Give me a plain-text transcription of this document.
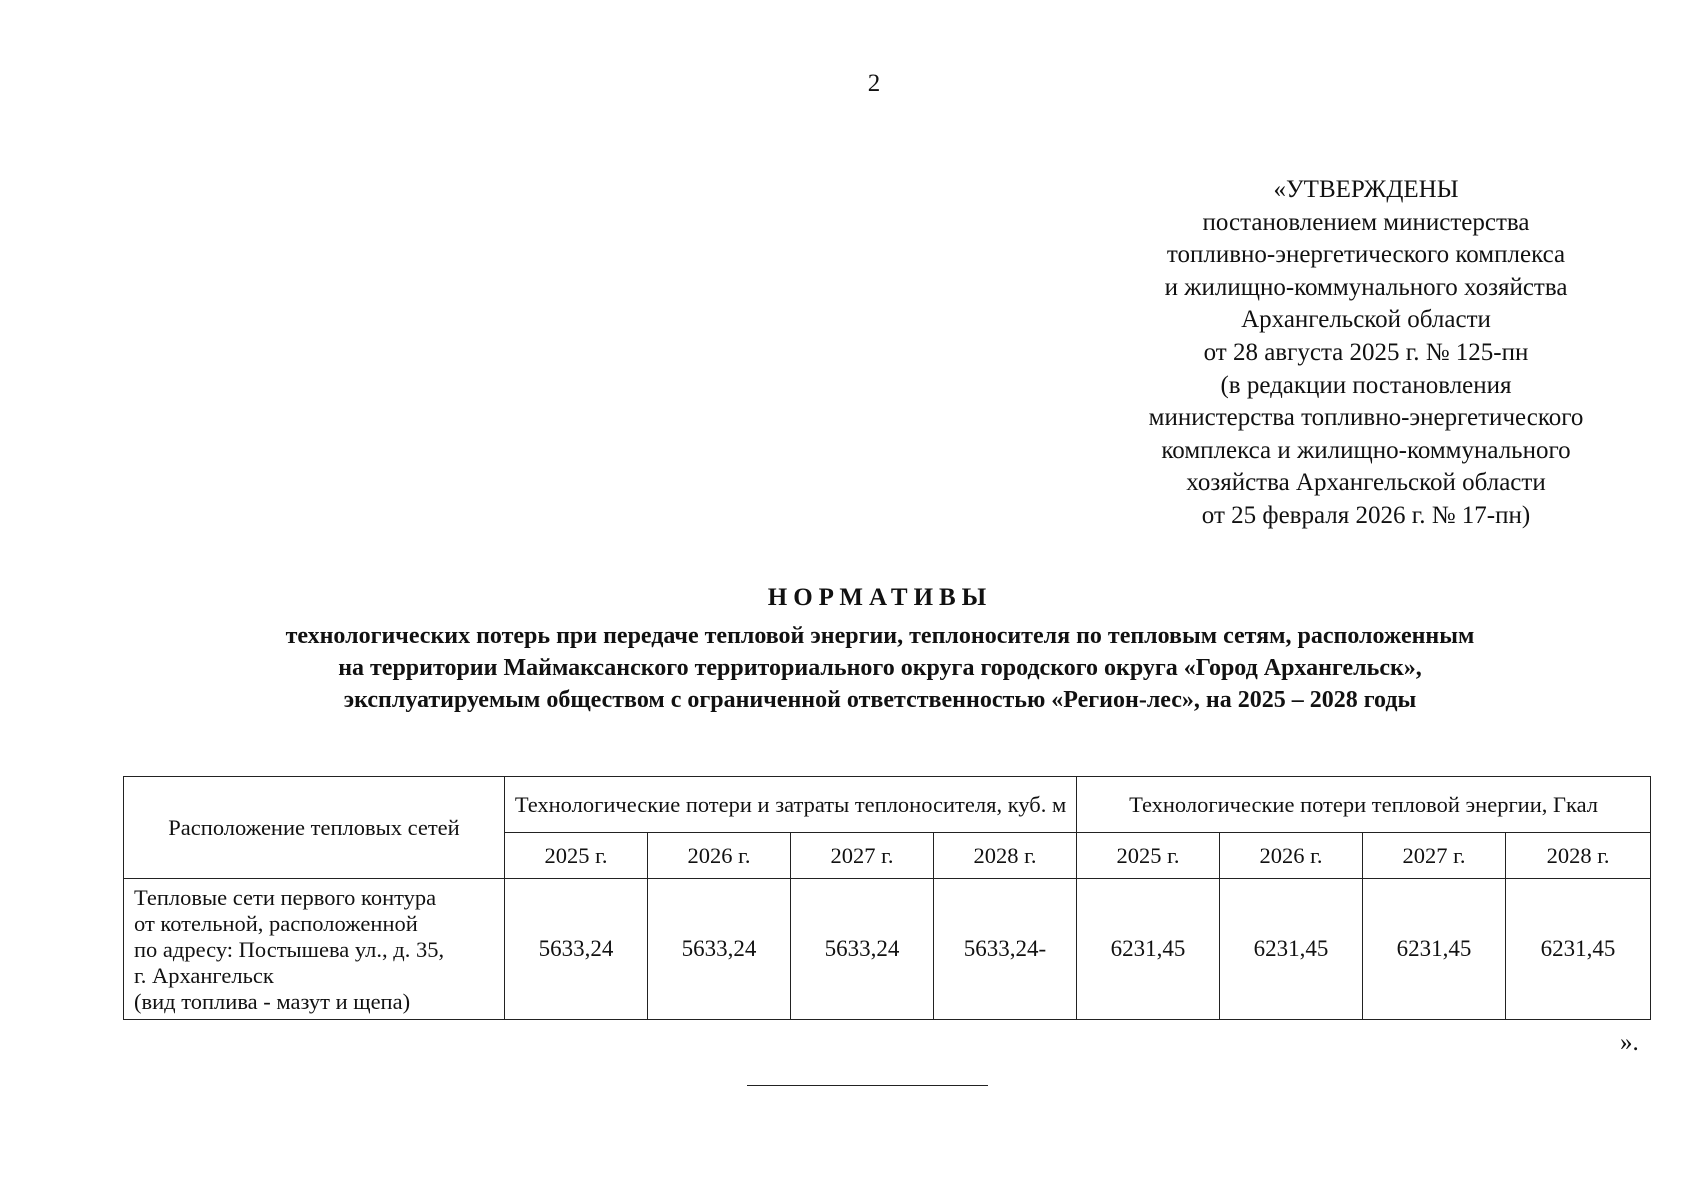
2
«УТВЕРЖДЕНЫ
постановлением министерства
топливно-энергетического комплекса
и жилищно-коммунального хозяйства
Архангельской области
от 28 августа 2025 г. № 125-пн
(в редакции постановления
министерства топливно-энергетического
комплекса и жилищно-коммунального
хозяйства Архангельской области
от 25 февраля 2026 г. № 17-пн)
НОРМАТИВЫ
технологических потерь при передаче тепловой энергии, теплоносителя по тепловым сетям, расположенным
на территории Маймаксанского территориального округа городского округа «Город Архангельск»,
эксплуатируемым обществом с ограниченной ответственностью «Регион-лес», на 2025 – 2028 годы
Расположение тепловых сетей	Технологические потери и затраты теплоносителя, куб. м				Технологические потери тепловой энергии, Гкал			
	2025 г.	2026 г.	2027 г.	2028 г.	2025 г.	2026 г.	2027 г.	2028 г.

Тепловые сети первого контура
от котельной, расположенной
по адресу: Постышева ул., д. 35,
г. Архангельск
(вид топлива - мазут и щепа)	5633,24	5633,24	5633,24	5633,24-	6231,45	6231,45	6231,45	6231,45
».
